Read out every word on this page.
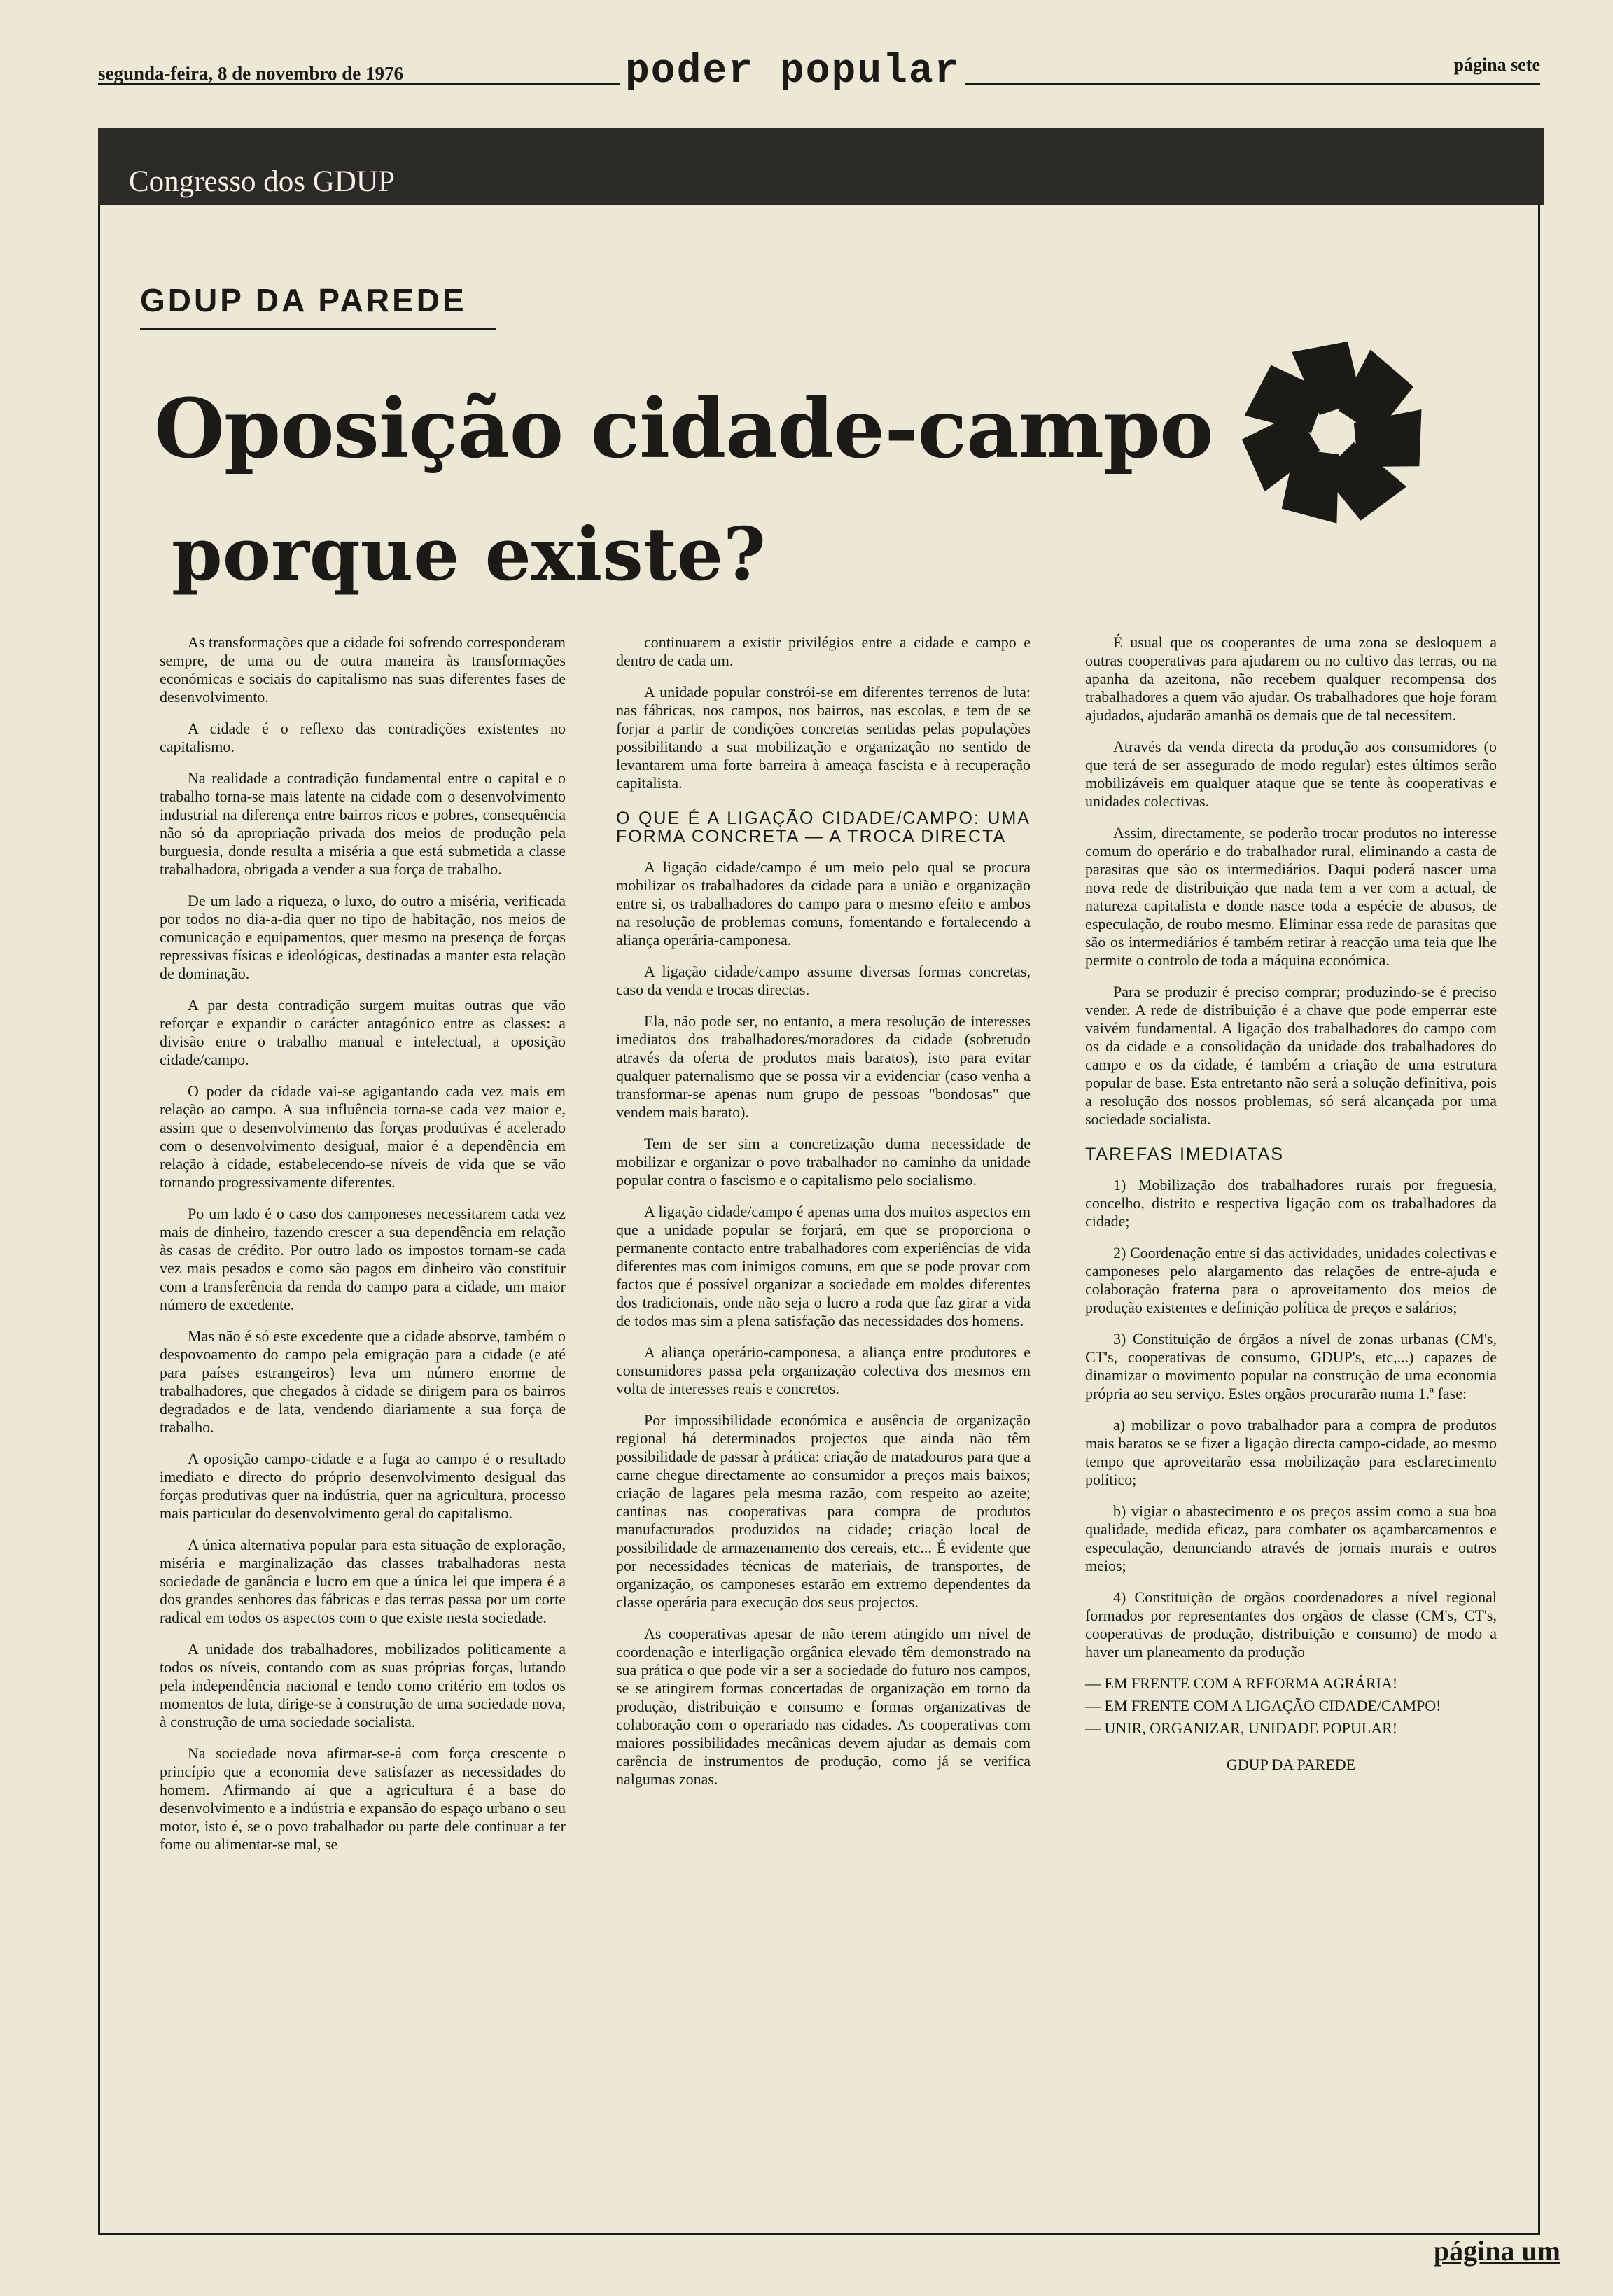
segunda-feira, 8 de novembro de 1976	poder popular	página sete
Congresso dos GDUP
GDUP DA PAREDE
Oposição cidade-campo
porque existe?

As transformações que a cidade foi sofrendo corresponderam sempre, de uma ou de outra maneira às transformações económicas e sociais do capitalismo nas suas diferentes fases de desenvolvimento.

A cidade é o reflexo das contradições existentes no capitalismo.

Na realidade a contradição fundamental entre o capital e o trabalho torna-se mais latente na cidade com o desenvolvimento industrial na diferença entre bairros ricos e pobres, consequência não só da apropriação privada dos meios de produção pela burguesia, donde resulta a miséria a que está submetida a classe trabalhadora, obrigada a vender a sua força de trabalho.

De um lado a riqueza, o luxo, do outro a miséria, verificada por todos no dia-a-dia quer no tipo de habitação, nos meios de comunicação e equipamentos, quer mesmo na presença de forças repressivas físicas e ideológicas, destinadas a manter esta relação de dominação.

A par desta contradição surgem muitas outras que vão reforçar e expandir o carácter antagónico entre as classes: a divisão entre o trabalho manual e intelectual, a oposição cidade/campo.

O poder da cidade vai-se agigantando cada vez mais em relação ao campo. A sua influência torna-se cada vez maior e, assim que o desenvolvimento das forças produtivas é acelerado com o desenvolvimento desigual, maior é a dependência em relação à cidade, estabelecendo-se níveis de vida que se vão tornando progressivamente diferentes.

Po um lado é o caso dos camponeses necessitarem cada vez mais de dinheiro, fazendo crescer a sua dependência em relação às casas de crédito. Por outro lado os impostos tornam-se cada vez mais pesados e como são pagos em dinheiro vão constituir com a transferência da renda do campo para a cidade, um maior número de excedente.

Mas não é só este excedente que a cidade absorve, também o despovoamento do campo pela emigração para a cidade (e até para países estrangeiros) leva um número enorme de trabalhadores, que chegados à cidade se dirigem para os bairros degradados e de lata, vendendo diariamente a sua força de trabalho.

A oposição campo-cidade e a fuga ao campo é o resultado imediato e directo do próprio desenvolvimento desigual das forças produtivas quer na indústria, quer na agricultura, processo mais particular do desenvolvimento geral do capitalismo.

A única alternativa popular para esta situação de exploração, miséria e marginalização das classes trabalhadoras nesta sociedade de ganância e lucro em que a única lei que impera é a dos grandes senhores das fábricas e das terras passa por um corte radical em todos os aspectos com o que existe nesta sociedade.

A unidade dos trabalhadores, mobilizados politicamente a todos os níveis, contando com as suas próprias forças, lutando pela independência nacional e tendo como critério em todos os momentos de luta, dirige-se à construção de uma sociedade nova, à construção de uma sociedade socialista.

Na sociedade nova afirmar-se-á com força crescente o princípio que a economia deve satisfazer as necessidades do homem. Afirmando aí que a agricultura é a base do desenvolvimento e a indústria e expansão do espaço urbano o seu motor, isto é, se o povo trabalhador ou parte dele continuar a ter fome ou alimentar-se mal, se

continuarem a existir privilégios entre a cidade e campo e dentro de cada um.

A unidade popular constrói-se em diferentes terrenos de luta: nas fábricas, nos campos, nos bairros, nas escolas, e tem de se forjar a partir de condições concretas sentidas pelas populações possibilitando a sua mobilização e organização no sentido de levantarem uma forte barreira à ameaça fascista e à recuperação capitalista.

O QUE É A LIGAÇÃO CIDADE/CAMPO: UMA FORMA CONCRETA — A TROCA DIRECTA

A ligação cidade/campo é um meio pelo qual se procura mobilizar os trabalhadores da cidade para a união e organização entre si, os trabalhadores do campo para o mesmo efeito e ambos na resolução de problemas comuns, fomentando e fortalecendo a aliança operária-camponesa.

A ligação cidade/campo assume diversas formas concretas, caso da venda e trocas directas.

Ela, não pode ser, no entanto, a mera resolução de interesses imediatos dos trabalhadores/moradores da cidade (sobretudo através da oferta de produtos mais baratos), isto para evitar qualquer paternalismo que se possa vir a evidenciar (caso venha a transformar-se apenas num grupo de pessoas "bondosas" que vendem mais barato).

Tem de ser sim a concretização duma necessidade de mobilizar e organizar o povo trabalhador no caminho da unidade popular contra o fascismo e o capitalismo pelo socialismo.

A ligação cidade/campo é apenas uma dos muitos aspectos em que a unidade popular se forjará, em que se proporciona o permanente contacto entre trabalhadores com experiências de vida diferentes mas com inimigos comuns, em que se pode provar com factos que é possível organizar a sociedade em moldes diferentes dos tradicionais, onde não seja o lucro a roda que faz girar a vida de todos mas sim a plena satisfação das necessidades dos homens.

A aliança operário-camponesa, a aliança entre produtores e consumidores passa pela organização colectiva dos mesmos em volta de interesses reais e concretos.

Por impossibilidade económica e ausência de organização regional há determinados projectos que ainda não têm possibilidade de passar à prática: criação de matadouros para que a carne chegue directamente ao consumidor a preços mais baixos; criação de lagares pela mesma razão, com respeito ao azeite; cantinas nas cooperativas para compra de produtos manufacturados produzidos na cidade; criação local de possibilidade de armazenamento dos cereais, etc... É evidente que por necessidades técnicas de materiais, de transportes, de organização, os camponeses estarão em extremo dependentes da classe operária para execução dos seus projectos.

As cooperativas apesar de não terem atingido um nível de coordenação e interligação orgânica elevado têm demonstrado na sua prática o que pode vir a ser a sociedade do futuro nos campos, se se atingirem formas concertadas de organização em torno da produção, distribuição e consumo e formas organizativas de colaboração com o operariado nas cidades. As cooperativas com maiores possibilidades mecânicas devem ajudar as demais com carência de instrumentos de produção, como já se verifica nalgumas zonas.

É usual que os cooperantes de uma zona se desloquem a outras cooperativas para ajudarem ou no cultivo das terras, ou na apanha da azeitona, não recebem qualquer recompensa dos trabalhadores a quem vão ajudar. Os trabalhadores que hoje foram ajudados, ajudarão amanhã os demais que de tal necessitem.

Através da venda directa da produção aos consumidores (o que terá de ser assegurado de modo regular) estes últimos serão mobilizáveis em qualquer ataque que se tente às cooperativas e unidades colectivas.

Assim, directamente, se poderão trocar produtos no interesse comum do operário e do trabalhador rural, eliminando a casta de parasitas que são os intermediários. Daqui poderá nascer uma nova rede de distribuição que nada tem a ver com a actual, de natureza capitalista e donde nasce toda a espécie de abusos, de especulação, de roubo mesmo. Eliminar essa rede de parasitas que são os intermediários é também retirar à reacção uma teia que lhe permite o controlo de toda a máquina económica.

Para se produzir é preciso comprar; produzindo-se é preciso vender. A rede de distribuição é a chave que pode emperrar este vaivém fundamental. A ligação dos trabalhadores do campo com os da cidade e a consolidação da unidade dos trabalhadores do campo e os da cidade, é também a criação de uma estrutura popular de base. Esta entretanto não será a solução definitiva, pois a resolução dos nossos problemas, só será alcançada por uma sociedade socialista.

TAREFAS IMEDIATAS

1) Mobilização dos trabalhadores rurais por freguesia, concelho, distrito e respectiva ligação com os trabalhadores da cidade;

2) Coordenação entre si das actividades, unidades colectivas e camponeses pelo alargamento das relações de entre-ajuda e colaboração fraterna para o aproveitamento dos meios de produção existentes e definição política de preços e salários;

3) Constituição de órgãos a nível de zonas urbanas (CM's, CT's, cooperativas de consumo, GDUP's, etc,...) capazes de dinamizar o movimento popular na construção de uma economia própria ao seu serviço. Estes orgãos procurarão numa 1.ª fase:

a) mobilizar o povo trabalhador para a compra de produtos mais baratos se se fizer a ligação directa campo-cidade, ao mesmo tempo que aproveitarão essa mobilização para esclarecimento político;

b) vigiar o abastecimento e os preços assim como a sua boa qualidade, medida eficaz, para combater os açambarcamentos e especulação, denunciando através de jornais murais e outros meios;

4) Constituição de orgãos coordenadores a nível regional formados por representantes dos orgãos de classe (CM's, CT's, cooperativas de produção, distribuição e consumo) de modo a haver um planeamento da produção

— EM FRENTE COM A REFORMA AGRÁRIA!

— EM FRENTE COM A LIGAÇÃO CIDADE/CAMPO!

— UNIR, ORGANIZAR, UNIDADE POPULAR!

GDUP DA PAREDE
página um
